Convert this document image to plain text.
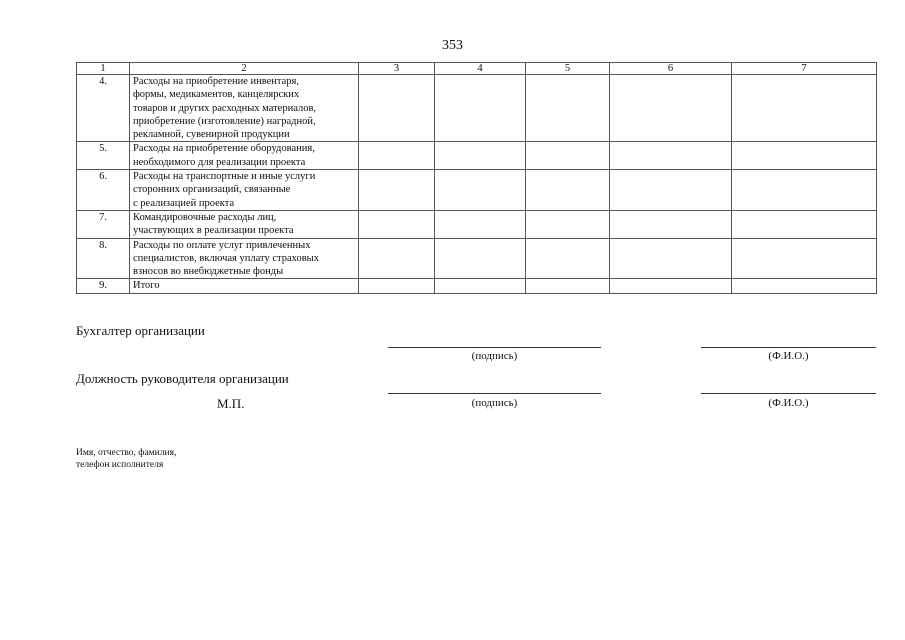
353
1	2	3	4	5	6	7
4.	Расходы на приобретение инвентаря,
формы, медикаментов, канцелярских
товаров и других расходных материалов,
приобретение (изготовление) наградной,
рекламной, сувенирной продукции					
5.	Расходы на приобретение оборудования,
необходимого для реализации проекта					
6.	Расходы на транспортные и иные услуги
сторонних организаций, связанные
с реализацией проекта					
7.	Командировочные расходы лиц,
участвующих в реализации проекта					
8.	Расходы по оплате услуг привлеченных
специалистов, включая уплату страховых
взносов во внебюджетные фонды					
9.	Итого					
Бухгалтер организации
(подпись)	(Ф.И.О.)
Должность руководителя организации
М.П.	(подпись)	(Ф.И.О.)
Имя, отчество, фамилия,
телефон исполнителя
